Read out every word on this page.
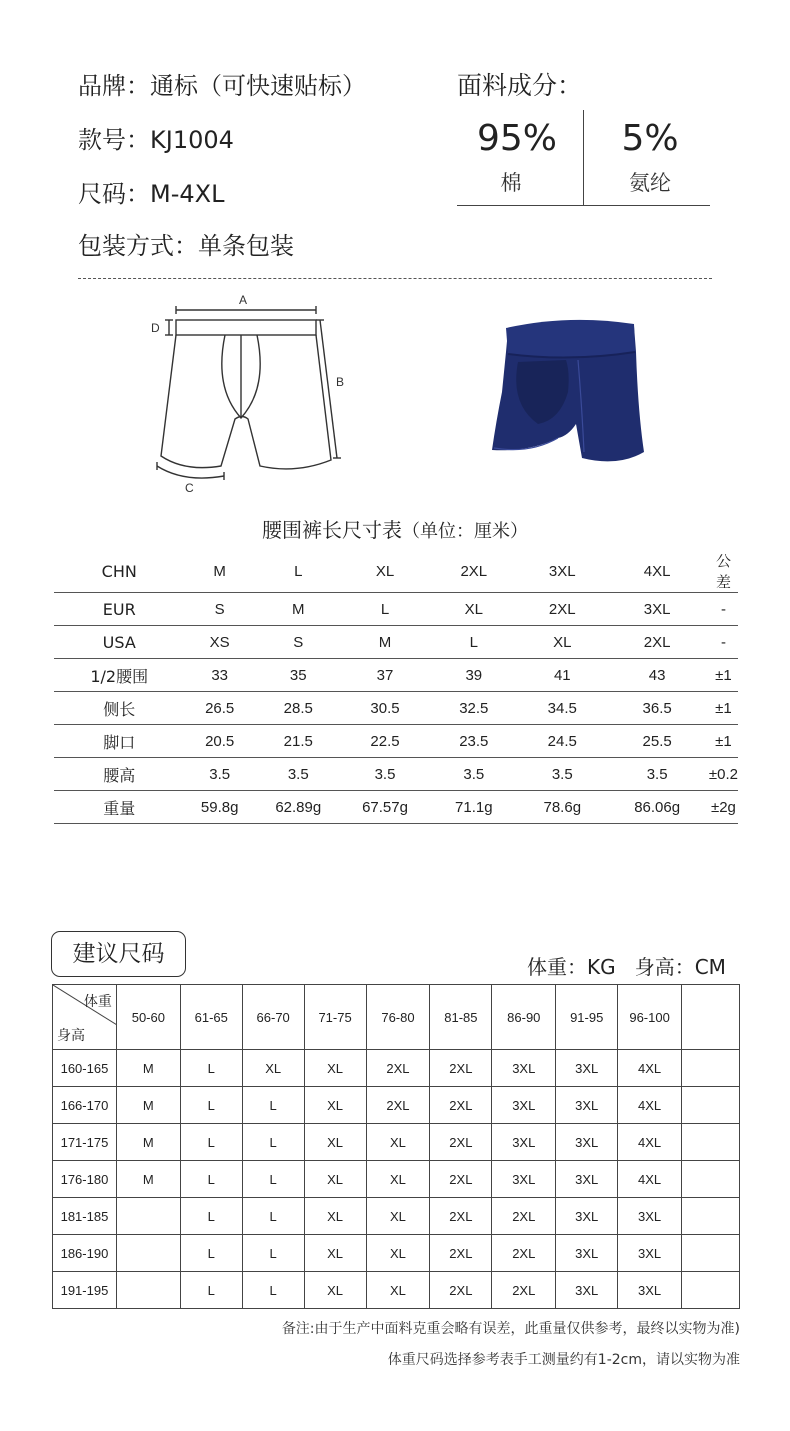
品牌：通标（可快速贴标）
款号：KJ1004
尺码：M-4XL
包装方式：单条包装
面料成分：
95%
棉
5%
氨纶
A
D
B
C
腰围裤长尺寸表（单位：厘米）
CHN	M	L	XL	2XL	3XL	4XL	公差
EUR	S	M	L	XL	2XL	3XL	-
USA	XS	S	M	L	XL	2XL	-
1/2腰围	33	35	37	39	41	43	±1
侧长	26.5	28.5	30.5	32.5	34.5	36.5	±1
脚口	20.5	21.5	22.5	23.5	24.5	25.5	±1
腰高	3.5	3.5	3.5	3.5	3.5	3.5	±0.2
重量	59.8g	62.89g	67.57g	71.1g	78.6g	86.06g	±2g
建议尺码	体重：KG 身高：CM
体重
身高	50-60	61-65	66-70	71-75	76-80	81-85	86-90	91-95	96-100	
160-165	M	L	XL	XL	2XL	2XL	3XL	3XL	4XL	
166-170	M	L	L	XL	2XL	2XL	3XL	3XL	4XL	
171-175	M	L	L	XL	XL	2XL	3XL	3XL	4XL	
176-180	M	L	L	XL	XL	2XL	3XL	3XL	4XL	
181-185		L	L	XL	XL	2XL	2XL	3XL	3XL	
186-190		L	L	XL	XL	2XL	2XL	3XL	3XL	
191-195		L	L	XL	XL	2XL	2XL	3XL	3XL	
备注:由于生产中面料克重会略有误差，此重量仅供参考，最终以实物为准)
体重尺码选择参考表手工测量约有1-2cm，请以实物为准
